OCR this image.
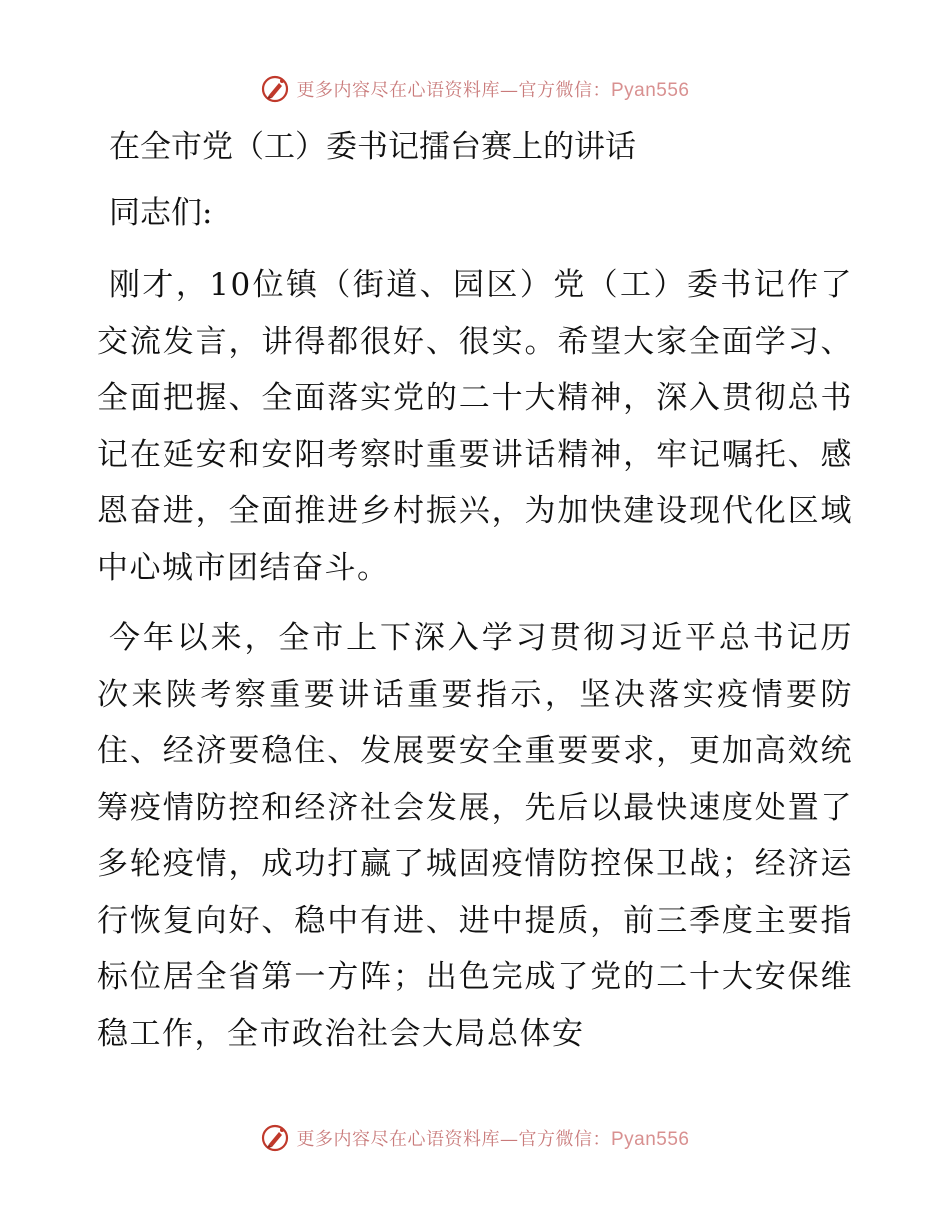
更多内容尽在心语资料库—官方微信：Pyan556
在全市党（工）委书记擂台赛上的讲话
同志们:

刚才，10位镇（街道、园区）党（工）委书记作了交流发言，讲得都很好、很实。希望大家全面学习、全面把握、全面落实党的二十大精神，深入贯彻总书记在延安和安阳考察时重要讲话精神，牢记嘱托、感恩奋进，全面推进乡村振兴，为加快建设现代化区域中心城市团结奋斗。

今年以来，全市上下深入学习贯彻习近平总书记历次来陕考察重要讲话重要指示，坚决落实疫情要防住、经济要稳住、发展要安全重要要求，更加高效统筹疫情防控和经济社会发展，先后以最快速度处置了多轮疫情，成功打赢了城固疫情防控保卫战；经济运行恢复向好、稳中有进、进中提质，前三季度主要指标位居全省第一方阵；出色完成了党的二十大安保维稳工作，全市政治社会大局总体安

更多内容尽在心语资料库—官方微信：Pyan556
